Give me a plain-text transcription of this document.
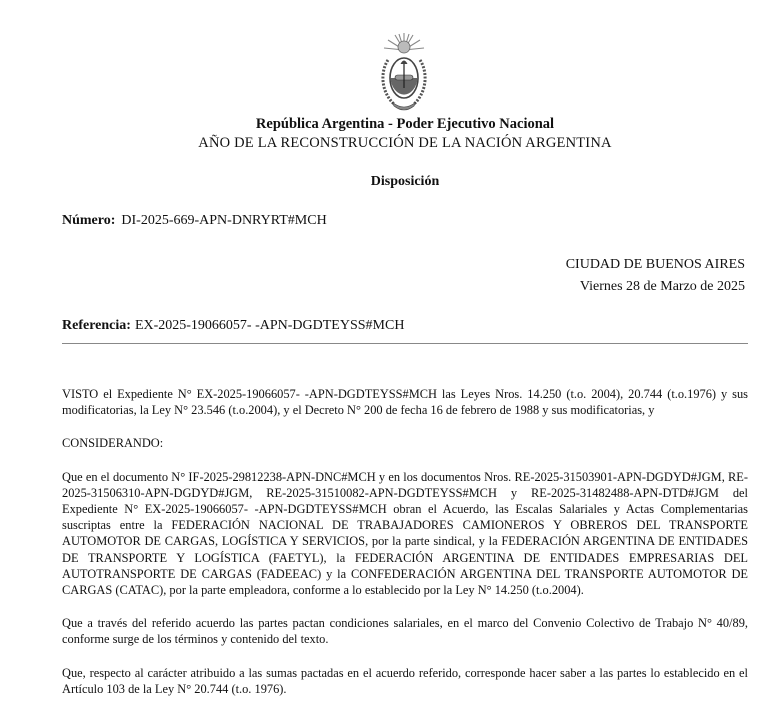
República Argentina - Poder Ejecutivo Nacional
AÑO DE LA RECONSTRUCCIÓN DE LA NACIÓN ARGENTINA
Disposición
Número: DI-2025-669-APN-DNRYRT#MCH
CIUDAD DE BUENOS AIRES
Viernes 28 de Marzo de 2025
Referencia: EX-2025-19066057- -APN-DGDTEYSS#MCH

VISTO el Expediente N° EX-2025-19066057- -APN-DGDTEYSS#MCH las Leyes Nros. 14.250 (t.o. 2004), 20.744 (t.o.1976) y sus modificatorias, la Ley N° 23.546 (t.o.2004), y el Decreto N° 200 de fecha 16 de febrero de 1988 y sus modificatorias, y

CONSIDERANDO:

Que en el documento N° IF-2025-29812238-APN-DNC#MCH y en los documentos Nros. RE-2025-31503901-APN-DGDYD#JGM, RE-2025-31506310-APN-DGDYD#JGM, RE-2025-31510082-APN-DGDTEYSS#MCH y RE-2025-31482488-APN-DTD#JGM del Expediente N° EX-2025-19066057- -APN-DGDTEYSS#MCH obran el Acuerdo, las Escalas Salariales y Actas Complementarias suscriptas entre la FEDERACIÓN NACIONAL DE TRABAJADORES CAMIONEROS Y OBREROS DEL TRANSPORTE AUTOMOTOR DE CARGAS, LOGÍSTICA Y SERVICIOS, por la parte sindical, y la FEDERACIÓN ARGENTINA DE ENTIDADES DE TRANSPORTE Y LOGÍSTICA (FAETYL), la FEDERACIÓN ARGENTINA DE ENTIDADES EMPRESARIAS DEL AUTOTRANSPORTE DE CARGAS (FADEEAC) y la CONFEDERACIÓN ARGENTINA DEL TRANSPORTE AUTOMOTOR DE CARGAS (CATAC), por la parte empleadora, conforme a lo establecido por la Ley N° 14.250 (t.o.2004).

Que a través del referido acuerdo las partes pactan condiciones salariales, en el marco del Convenio Colectivo de Trabajo N° 40/89, conforme surge de los términos y contenido del texto.

Que, respecto al carácter atribuido a las sumas pactadas en el acuerdo referido, corresponde hacer saber a las partes lo establecido en el Artículo 103 de la Ley N° 20.744 (t.o. 1976).
